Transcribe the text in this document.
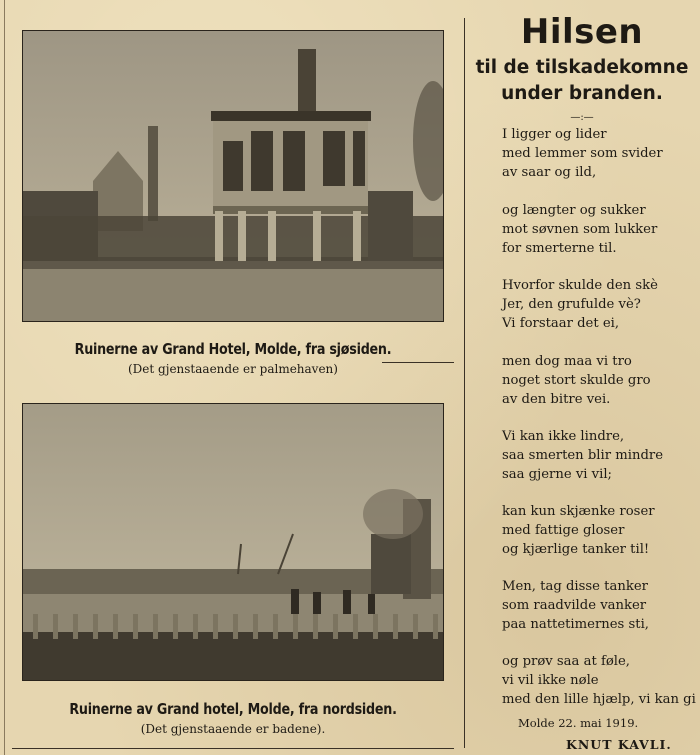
Ruinerne av Grand Hotel, Molde, fra sjøsiden.
(Det gjenstaaende er palmehaven)
Ruinerne av Grand hotel, Molde, fra nordsiden.
(Det gjenstaaende er badene).
Hilsen
til de tilskadekomne
under branden.
—:—
I ligger og lider
med lemmer som svider
av saar og ild,
og længter og sukker
mot søvnen som lukker
for smerterne til.
Hvorfor skulde den skè
Jer, den grufulde vè?
Vi forstaar det ei,
men dog maa vi tro
noget stort skulde gro
av den bitre vei.
Vi kan ikke lindre,
saa smerten blir mindre
saa gjerne vi vil;
kan kun skjænke roser
med fattige gloser
og kjærlige tanker til!
Men, tag disse tanker
som raadvilde vanker
paa nattetimernes sti,
og prøv saa at føle,
vi vil ikke nøle
med den lille hjælp, vi kan gi
Molde 22. mai 1919.
KNUT KAVLI.
